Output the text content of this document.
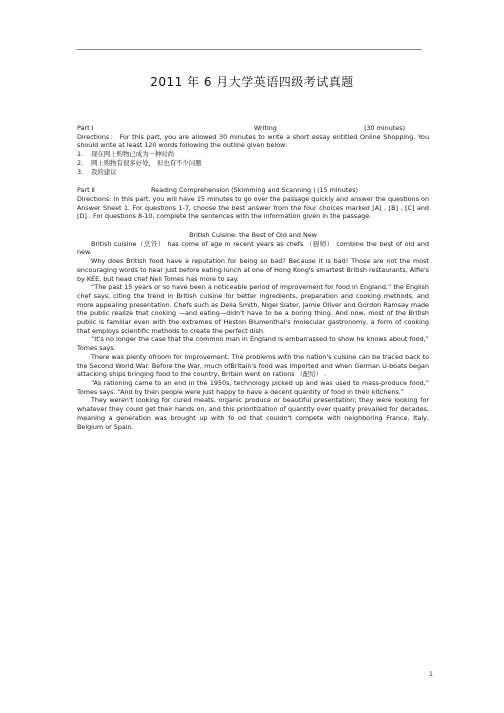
2011 年 6 月大学英语四级考试真题
Part I	Writing	(30 minutes)

Directions： For this part, you are allowed 30 minutes to write a short essay entitled Online Shopping. You should write at least 120 words following the outline given below:

1.	现在网上购物已成为一种时尚
2.	网上购物有很多好处， 但也有不少问题
3.	我的建议
Part Ⅱ	Reading Comprehension (Skimming and Scanning ) (15 minutes)

Directions: In this part, you will have 15 minutes to go over the passage quickly and answer the questions on Answer Sheet 1. For questions 1-7, choose the best answer from the four choices marked [A] , [B] , [C] and [D] . For questions 8-10, complete the sentences with the information given in the passage.

British Cuisine: the Best of Old and New

British cuisine（烹饪） has come of age in recent years as chefs （厨师） combine the best of old and new.

Why does British food have a reputation for being so bad? Because it is bad! Those are not the most encouraging words to hear just before eating lunch at one of Hong Kong's smartest British restaurants, Alfie's by KEE, but head chef Neil Tomes has more to say.

“The past 15 years or so have been a noticeable period of improvement for food in England,” the English chef says, citing the trend in British cuisine for better ingredients, preparation and cooking methods, and more appealing presentation. Chefs such as Delia Smith, Nigel Slater, Jamie Oliver and Gordon Ramsay made the public realize that cooking —and eating—didn't have to be a boring thing. And now, most of the British public is familiar even with the extremes of Heston Blumenthal's molecular gastronomy, a form of cooking that employs scientific methods to create the perfect dish.

“It's no longer the case that the common man in England is embarrassed to show he knows about food,” Tomes says.

There was plenty ofroom for improvement. The problems with the nation's cuisine can be traced back to the Second World War. Before the War, much ofBritain's food was imported and when German U-boats began attacking ships bringing food to the country, Britain went on rations （配给） .

“As rationing came to an end in the 1950s, technology picked up and was used to mass-produce food,” Tomes says. “And by then people were just happy to have a decent quantity of food in their kitchens.”

They weren't looking for cured meats, organic produce or beautiful presentation; they were looking for whatever they could get their hands on, and this prioritization of quantity over quality prevailed for decades, meaning a generation was brought up with fo od that couldn't compete with neighboring France, Italy, Belgium or Spain.

1
